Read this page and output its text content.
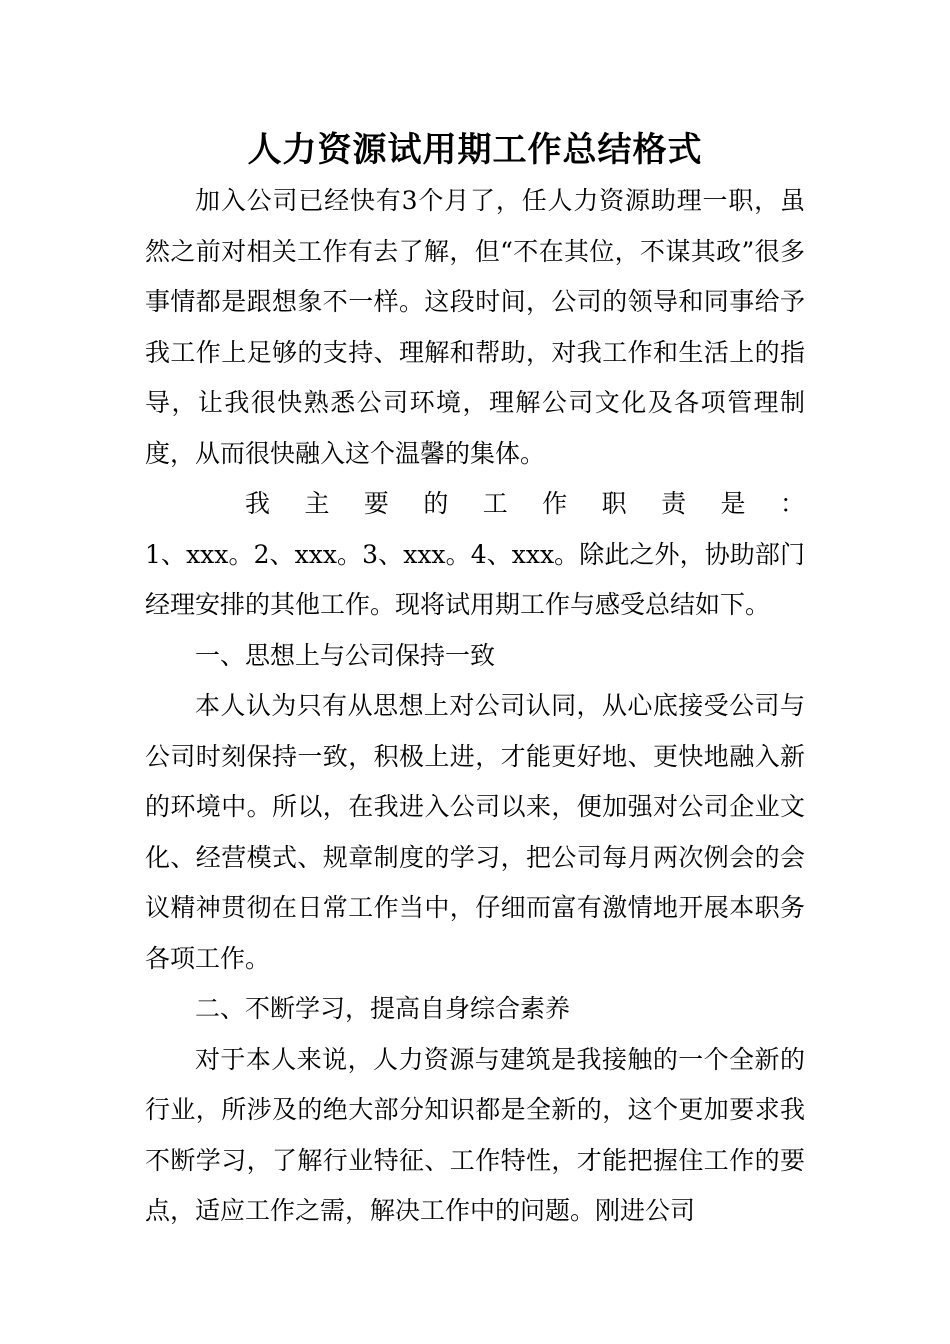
人力资源试用期工作总结格式

加入公司已经快有3个月了，任人力资源助理一职，虽然之前对相关工作有去了解，但“不在其位，不谋其政”很多事情都是跟想象不一样。这段时间，公司的领导和同事给予我工作上足够的支持、理解和帮助，对我工作和生活上的指导，让我很快熟悉公司环境，理解公司文化及各项管理制度，从而很快融入这个温馨的集体。

我主要的工作职责是：

1、xxx。2、xxx。3、xxx。4、xxx。除此之外，协助部门经理安排的其他工作。现将试用期工作与感受总结如下。

一、思想上与公司保持一致

本人认为只有从思想上对公司认同，从心底接受公司与公司时刻保持一致，积极上进，才能更好地、更快地融入新的环境中。所以，在我进入公司以来，便加强对公司企业文化、经营模式、规章制度的学习，把公司每月两次例会的会议精神贯彻在日常工作当中，仔细而富有激情地开展本职务各项工作。

二、不断学习，提高自身综合素养

对于本人来说，人力资源与建筑是我接触的一个全新的行业，所涉及的绝大部分知识都是全新的，这个更加要求我不断学习，了解行业特征、工作特性，才能把握住工作的要点，适应工作之需，解决工作中的问题。刚进公司
